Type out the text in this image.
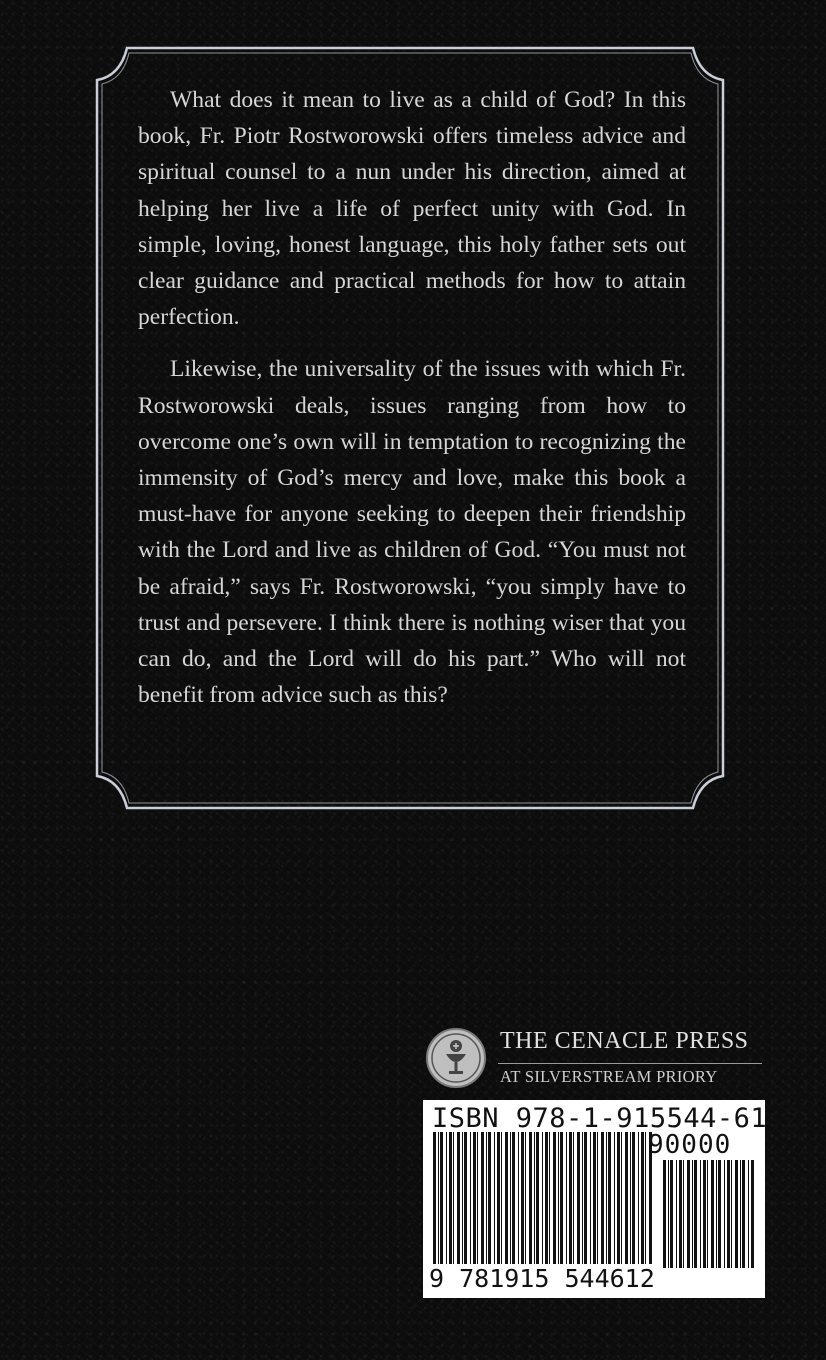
What does it mean to live as a child of God? In this book, Fr. Piotr Rostworowski offers timeless advice and spiritual counsel to a nun under his direction, aimed at helping her live a life of perfect unity with God. In simple, loving, honest language, this holy father sets out clear guidance and practical methods for how to attain perfection.

Likewise, the universality of the issues with which Fr. Rostworowski deals, issues ranging from how to overcome one’s own will in temptation to recognizing the immensity of God’s mercy and love, make this book a must-have for anyone seeking to deepen their friendship with the Lord and live as children of God. “You must not be afraid,” says Fr. Rostworowski, “you simply have to trust and persevere. I think there is nothing wiser that you can do, and the Lord will do his part.” Who will not benefit from advice such as this?

THE CENACLE PRESS
AT SILVERSTREAM PRIORY
ISBN 978-1-915544-61-2
90000
9 781915 544612
